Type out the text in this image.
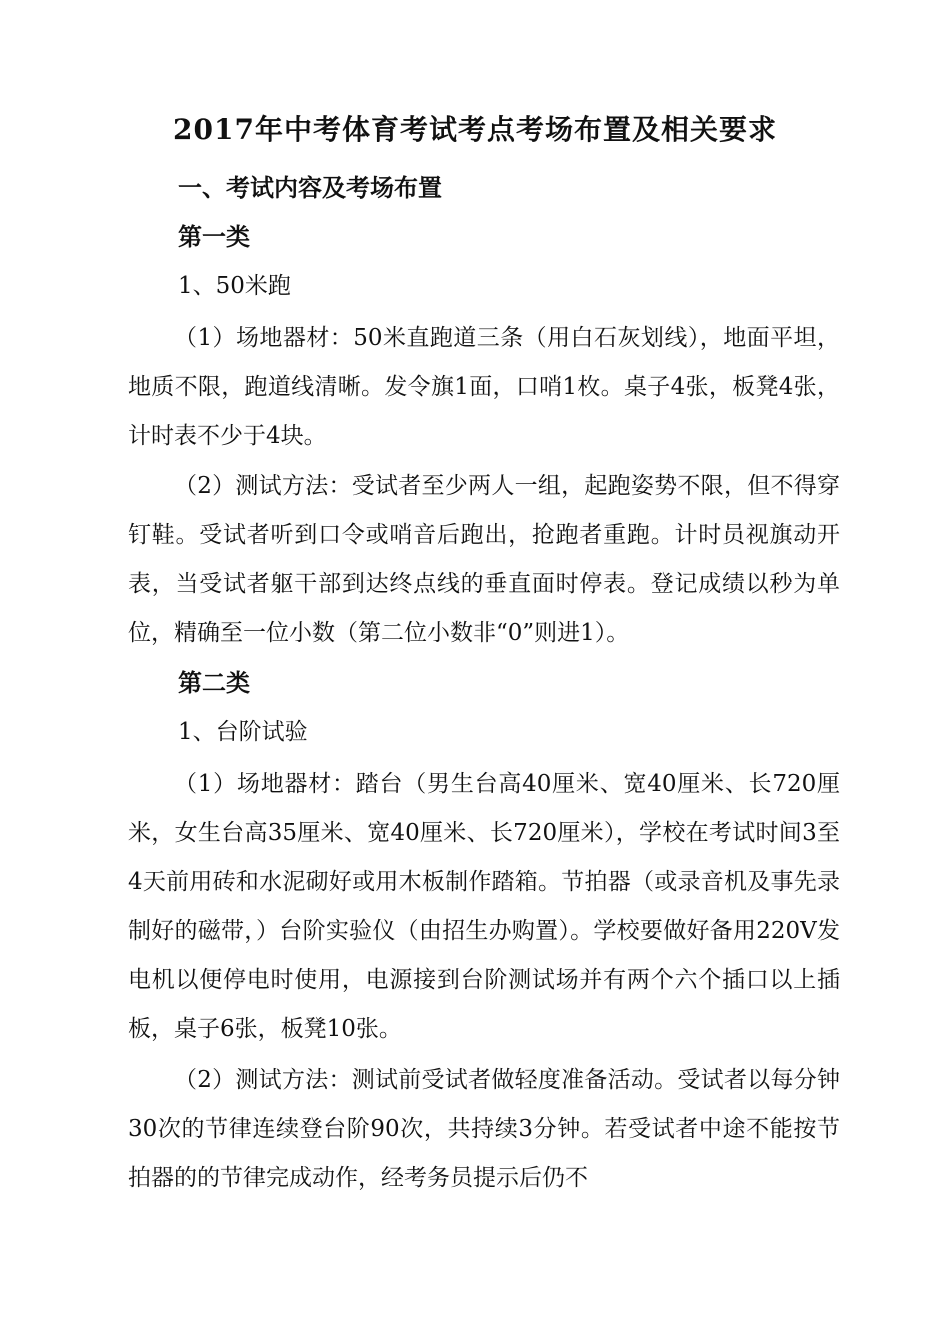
2017年中考体育考试考点考场布置及相关要求
一、考试内容及考场布置
第一类
1、50米跑

（1）场地器材：50米直跑道三条（用白石灰划线），地面平坦，地质不限，跑道线清晰。发令旗1面，口哨1枚。桌子4张，板凳4张，计时表不少于4块。

（2）测试方法：受试者至少两人一组，起跑姿势不限，但不得穿钉鞋。受试者听到口令或哨音后跑出，抢跑者重跑。计时员视旗动开表，当受试者躯干部到达终点线的垂直面时停表。登记成绩以秒为单位，精确至一位小数（第二位小数非“0”则进1）。

第二类
1、台阶试验

（1）场地器材：踏台（男生台高40厘米、宽40厘米、长720厘米，女生台高35厘米、宽40厘米、长720厘米），学校在考试时间3至4天前用砖和水泥砌好或用木板制作踏箱。节拍器（或录音机及事先录制好的磁带，）台阶实验仪（由招生办购置）。学校要做好备用220V发电机以便停电时使用，电源接到台阶测试场并有两个六个插口以上插板，桌子6张，板凳10张。

（2）测试方法：测试前受试者做轻度准备活动。受试者以每分钟30次的节律连续登台阶90次，共持续3分钟。若受试者中途不能按节拍器的的节律完成动作，经考务员提示后仍不
